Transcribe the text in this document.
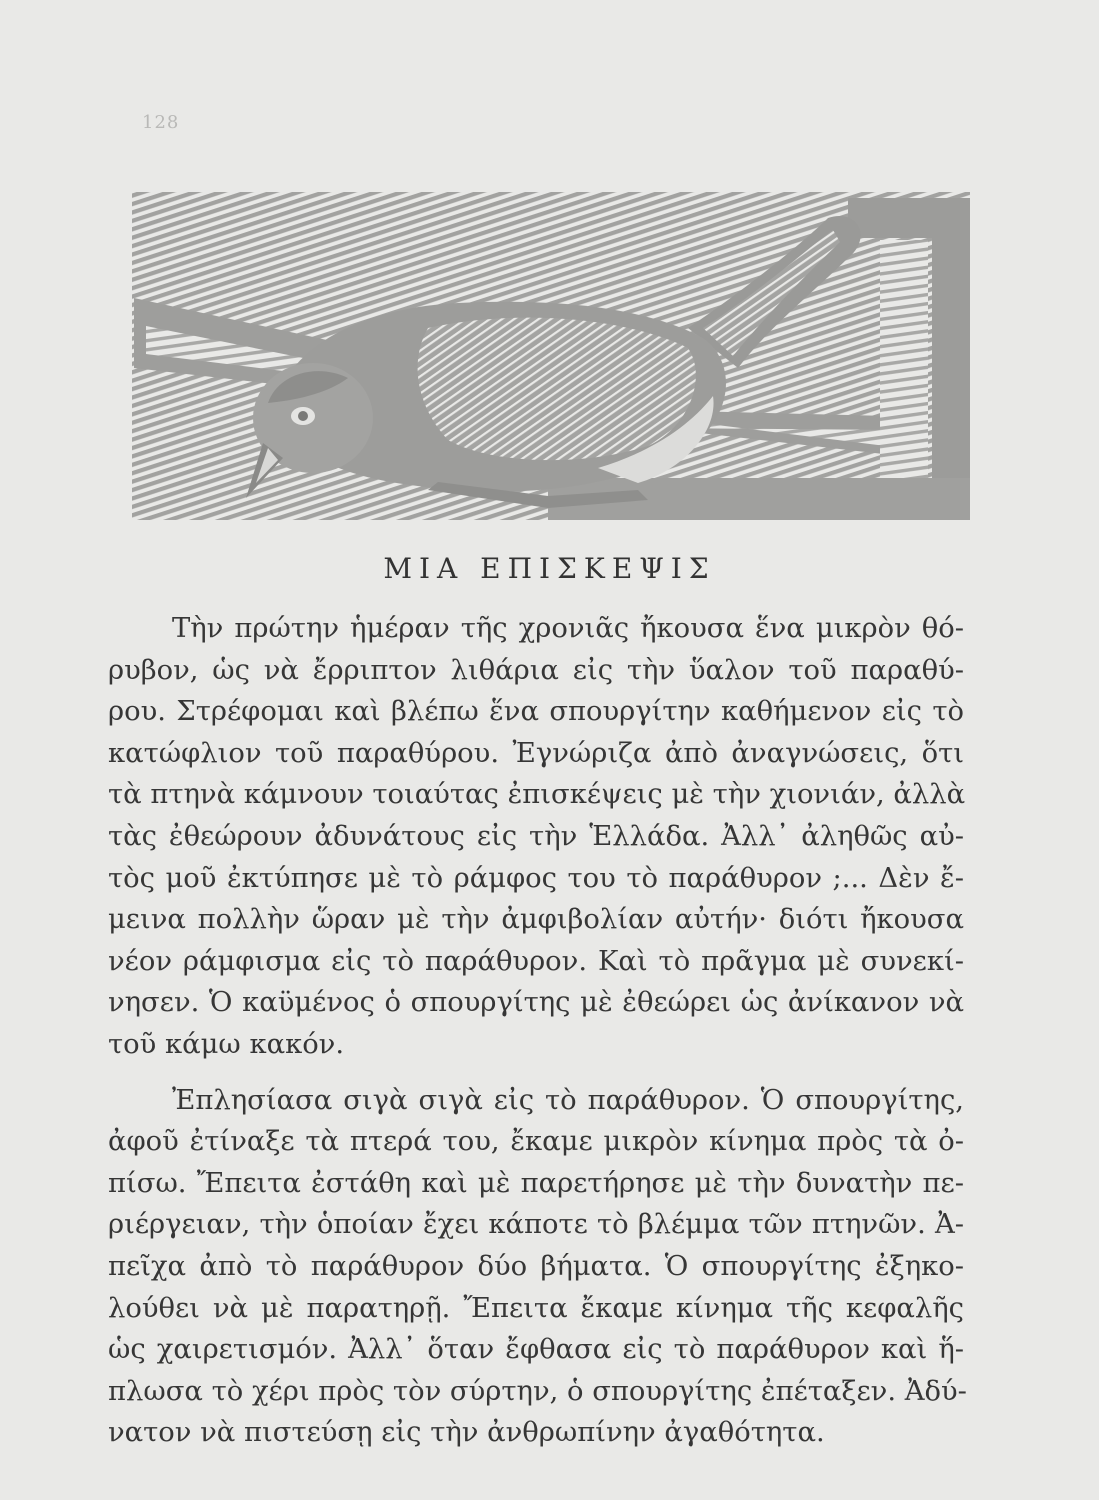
128
ΜΙΑ ΕΠΙΣΚΕΨΙΣ

Τὴν πρώτην ἡμέραν τῆς χρονιᾶς ἤκουσα ἕνα μικρὸν θό-
ρυβον, ὡς νὰ ἔρριπτον λιθάρια εἰς τὴν ὕαλον τοῦ παραθύ-
ρου. Στρέφομαι καὶ βλέπω ἕνα σπουργίτην καθήμενον εἰς τὸ
κατώφλιον τοῦ παραθύρου. Ἐγνώριζα ἀπὸ ἀναγνώσεις, ὅτι
τὰ πτηνὰ κάμνουν τοιαύτας ἐπισκέψεις μὲ τὴν χιονιάν, ἀλλὰ
τὰς ἐθεώρουν ἀδυνάτους εἰς τὴν Ἑλλάδα. Ἀλλ᾽ ἀληθῶς αὐ-
τὸς μοῦ ἐκτύπησε μὲ τὸ ράμφος του τὸ παράθυρον ;... Δὲν ἔ-
μεινα πολλὴν ὥραν μὲ τὴν ἀμφιβολίαν αὐτήν· διότι ἤκουσα
νέον ράμφισμα εἰς τὸ παράθυρον. Καὶ τὸ πρᾶγμα μὲ συνεκί-
νησεν. Ὁ καϋμένος ὁ σπουργίτης μὲ ἐθεώρει ὡς ἀνίκανον νὰ
τοῦ κάμω κακόν.

Ἐπλησίασα σιγὰ σιγὰ εἰς τὸ παράθυρον. Ὁ σπουργίτης,
ἀφοῦ ἐτίναξε τὰ πτερά του, ἔκαμε μικρὸν κίνημα πρὸς τὰ ὀ-
πίσω. Ἔπειτα ἐστάθη καὶ μὲ παρετήρησε μὲ τὴν δυνατὴν πε-
ριέργειαν, τὴν ὁποίαν ἔχει κάποτε τὸ βλέμμα τῶν πτηνῶν. Ἀ-
πεῖχα ἀπὸ τὸ παράθυρον δύο βήματα. Ὁ σπουργίτης ἐξηκο-
λούθει νὰ μὲ παρατηρῇ. Ἔπειτα ἔκαμε κίνημα τῆς κεφαλῆς
ὡς χαιρετισμόν. Ἀλλ᾽ ὅταν ἔφθασα εἰς τὸ παράθυρον καὶ ἥ-
πλωσα τὸ χέρι πρὸς τὸν σύρτην, ὁ σπουργίτης ἐπέταξεν. Ἀδύ-
νατον νὰ πιστεύσῃ εἰς τὴν ἀνθρωπίνην ἀγαθότητα.
